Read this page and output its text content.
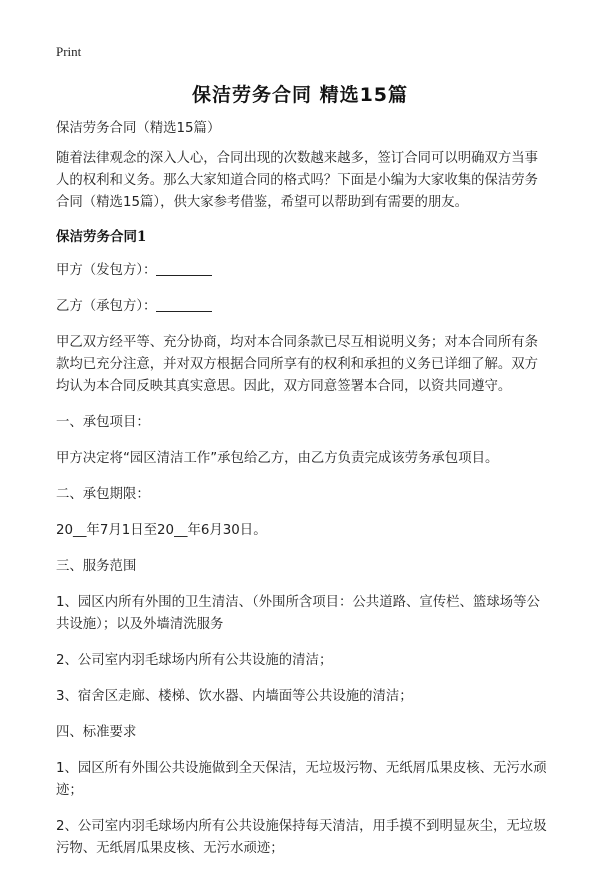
Print
保洁劳务合同 精选15篇

保洁劳务合同（精选15篇）

随着法律观念的深入人心，合同出现的次数越来越多，签订合同可以明确双方当事人的权利和义务。那么大家知道合同的格式吗？下面是小编为大家收集的保洁劳务合同（精选15篇），供大家参考借鉴，希望可以帮助到有需要的朋友。

保洁劳务合同1

甲方（发包方）：

乙方（承包方）：

甲乙双方经平等、充分协商，均对本合同条款已尽互相说明义务；对本合同所有条款均已充分注意，并对双方根据合同所享有的权利和承担的义务已详细了解。双方均认为本合同反映其真实意思。因此，双方同意签署本合同，以资共同遵守。

一、承包项目：

甲方决定将“园区清洁工作”承包给乙方，由乙方负责完成该劳务承包项目。

二、承包期限：

20__年7月1日至20__年6月30日。

三、服务范围

1、园区内所有外围的卫生清洁、（外围所含项目：公共道路、宣传栏、篮球场等公共设施）；以及外墙清洗服务

2、公司室内羽毛球场内所有公共设施的清洁；

3、宿舍区走廊、楼梯、饮水器、内墙面等公共设施的清洁；

四、标准要求

1、园区所有外围公共设施做到全天保洁，无垃圾污物、无纸屑瓜果皮核、无污水顽迹；

2、公司室内羽毛球场内所有公共设施保持每天清洁，用手摸不到明显灰尘，无垃圾污物、无纸屑瓜果皮核、无污水顽迹；
